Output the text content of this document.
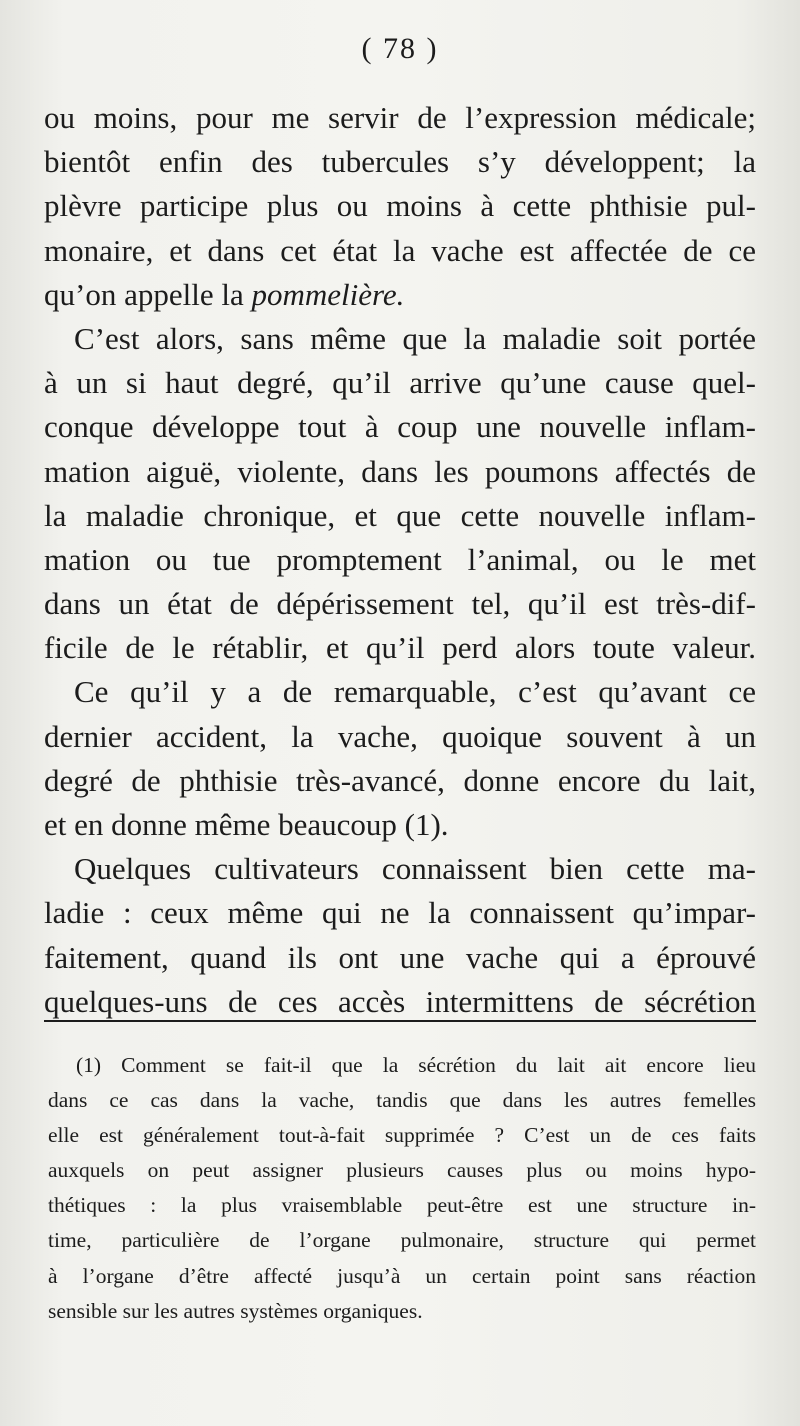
( 78 )
ou moins, pour me servir de l’expression médicale;
bientôt enfin des tubercules s’y développent; la
plèvre participe plus ou moins à cette phthisie pul-
monaire, et dans cet état la vache est affectée de ce
qu’on appelle la pommelière.
C’est alors, sans même que la maladie soit portée
à un si haut degré, qu’il arrive qu’une cause quel-
conque développe tout à coup une nouvelle inflam-
mation aiguë, violente, dans les poumons affectés de
la maladie chronique, et que cette nouvelle inflam-
mation ou tue promptement l’animal, ou le met
dans un état de dépérissement tel, qu’il est très-dif-
ficile de le rétablir, et qu’il perd alors toute valeur.
Ce qu’il y a de remarquable, c’est qu’avant ce
dernier accident, la vache, quoique souvent à un
degré de phthisie très-avancé, donne encore du lait,
et en donne même beaucoup (1).
Quelques cultivateurs connaissent bien cette ma-
ladie : ceux même qui ne la connaissent qu’impar-
faitement, quand ils ont une vache qui a éprouvé
quelques-uns de ces accès intermittens de sécrétion
(1) Comment se fait-il que la sécrétion du lait ait encore lieu
dans ce cas dans la vache, tandis que dans les autres femelles
elle est généralement tout-à-fait supprimée ? C’est un de ces faits
auxquels on peut assigner plusieurs causes plus ou moins hypo-
thétiques : la plus vraisemblable peut-être est une structure in-
time, particulière de l’organe pulmonaire, structure qui permet
à l’organe d’être affecté jusqu’à un certain point sans réaction
sensible sur les autres systèmes organiques.
